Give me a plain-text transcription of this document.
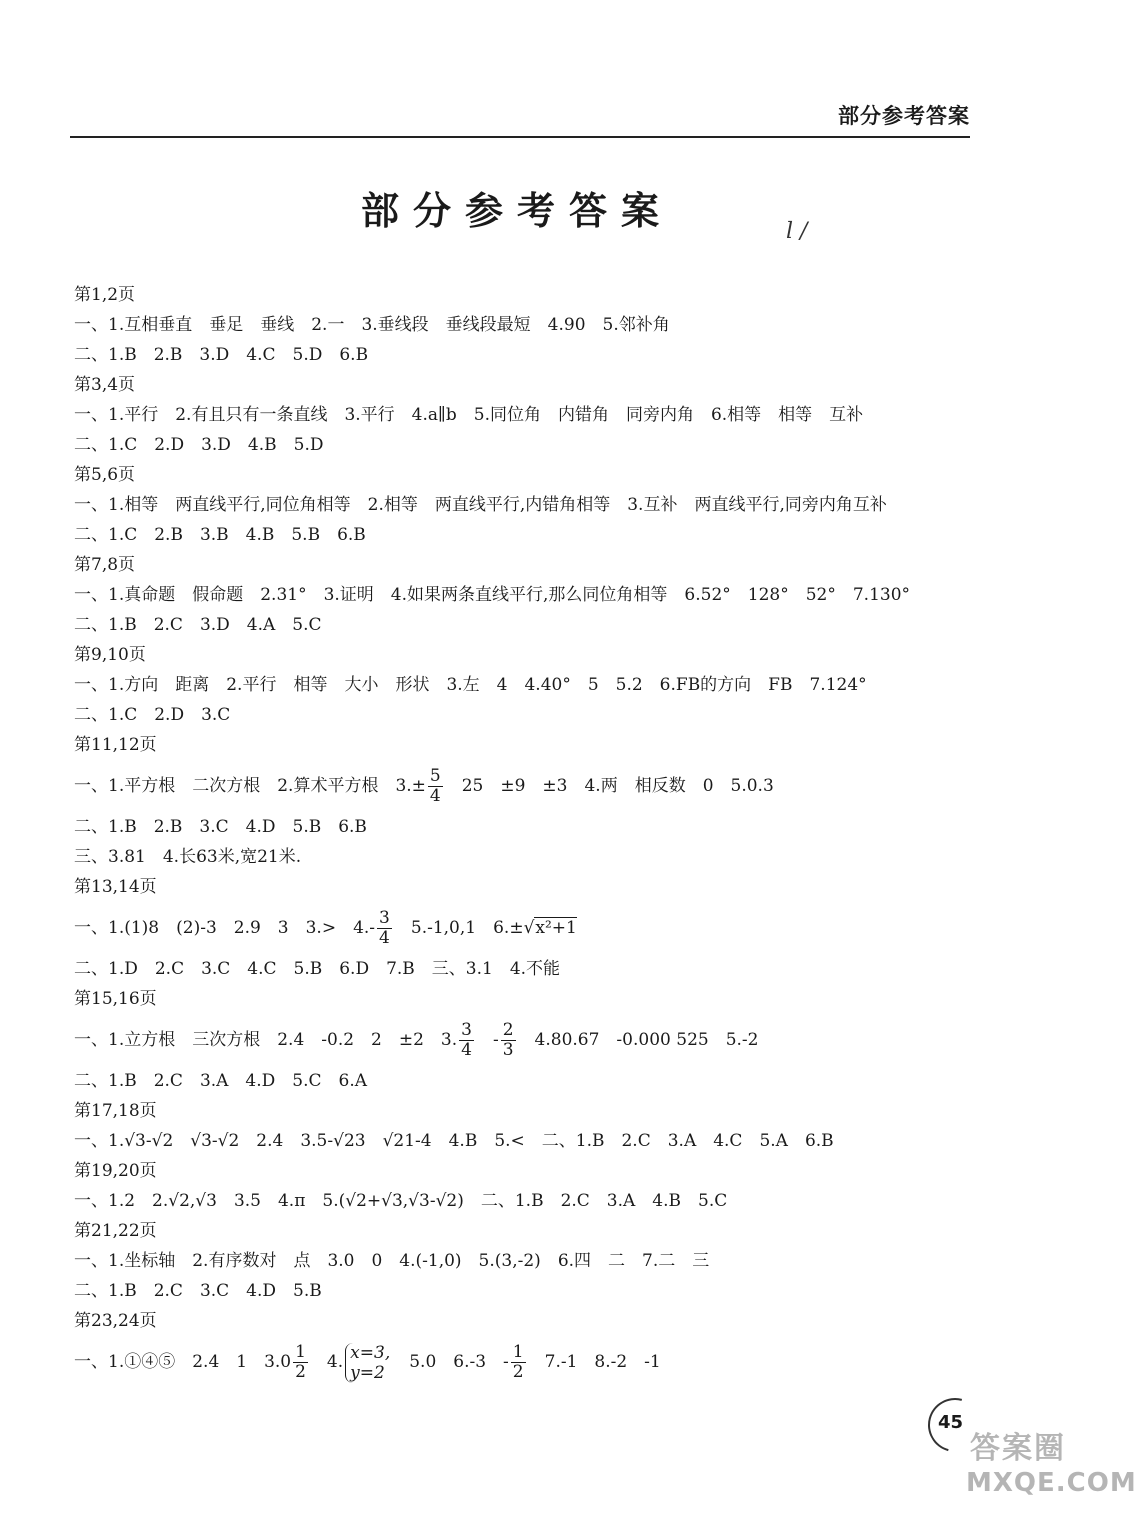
部分参考答案
部分参考答案	l /
第1,2页
一、1.互相垂直　垂足　垂线　2.一　3.垂线段　垂线段最短　4.90　5.邻补角
二、1.B　2.B　3.D　4.C　5.D　6.B
第3,4页
一、1.平行　2.有且只有一条直线　3.平行　4.a∥b　5.同位角　内错角　同旁内角　6.相等　相等　互补
二、1.C　2.D　3.D　4.B　5.D
第5,6页
一、1.相等　两直线平行,同位角相等　2.相等　两直线平行,内错角相等　3.互补　两直线平行,同旁内角互补
二、1.C　2.B　3.B　4.B　5.B　6.B
第7,8页
一、1.真命题　假命题　2.31°　3.证明　4.如果两条直线平行,那么同位角相等　6.52°　128°　52°　7.130°
二、1.B　2.C　3.D　4.A　5.C
第9,10页
一、1.方向　距离　2.平行　相等　大小　形状　3.左　4　4.40°　5　5.2　6.FB的方向　FB　7.124°
二、1.C　2.D　3.C
第11,12页
一、1.平方根　二次方根　2.算术平方根　$3.\pm \frac{5}{4}$ 　25　±9　±3　4.两　相反数　0　5.0.3
二、1.B　2.B　3.C　4.D　5.B　6.B
三、3.81　4.长63米,宽21米.
第13,14页
一、1.(1)8　(2)-3　2.9　3　3.>　$4.- \frac{3}{4}$ 　5.-1,0,1　6.±√x²+1
二、1.D　2.C　3.C　4.C　5.B　6.D　7.B　三、3.1　4.不能
第15,16页
一、1.立方根　三次方根　2.4　-0.2　2　±2　3. $\frac{3}{4}$ 　- $\frac{2}{3}$ 　4.80.67　-0.000 525　5.-2
二、1.B　2.C　3.A　4.D　5.C　6.A
第17,18页
一、1.√3-√2　√3-√2　2.4　3.5-√23　√21-4　4.B　5.<　二、1.B　2.C　3.A　4.C　5.A　6.B
第19,20页
一、1.2　2.√2,√3　3.5　4.π　5.(√2+√3,√3-√2)　二、1.B　2.C　3.A　4.B　5.C
第21,22页
一、1.坐标轴　2.有序数对　点　3.0　0　4.(-1,0)　5.(3,-2)　6.四　二　7.二　三
二、1.B　2.C　3.C　4.D　5.B
第23,24页
一、1.①④⑤　2.4　1　$3.0 \frac{1}{2}$ 　4. x=3,
y=2
　5.0　6.-3　- $\frac{1}{2}$ 　7.-1　8.-2　-1
45
答案圈
MXQE.COM
